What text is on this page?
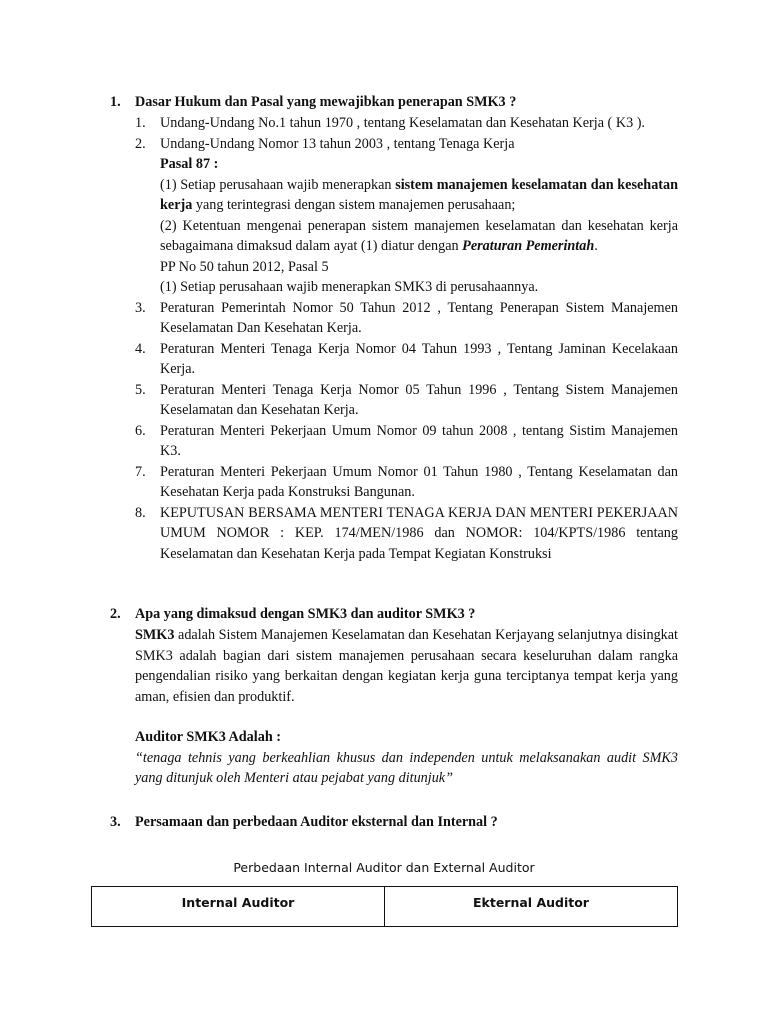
1.	Dasar Hukum dan Pasal yang mewajibkan penerapan SMK3 ?
1.	Undang-Undang No.1 tahun 1970 , tentang Keselamatan dan Kesehatan Kerja ( K3 ).
2.	Undang-Undang Nomor 13 tahun 2003 , tentang Tenaga Kerja
Pasal 87 :
(1) Setiap perusahaan wajib menerapkan sistem manajemen keselamatan dan kesehatan kerja yang terintegrasi dengan sistem manajemen perusahaan;
(2) Ketentuan mengenai penerapan sistem manajemen keselamatan dan kesehatan kerja sebagaimana dimaksud dalam ayat (1) diatur dengan Peraturan Pemerintah.
PP No 50 tahun 2012, Pasal 5
(1) Setiap perusahaan wajib menerapkan SMK3 di perusahaannya.
3.	Peraturan Pemerintah Nomor 50 Tahun 2012 , Tentang Penerapan Sistem Manajemen Keselamatan Dan Kesehatan Kerja.
4.	Peraturan Menteri Tenaga Kerja Nomor 04 Tahun 1993 , Tentang Jaminan Kecelakaan Kerja.
5.	Peraturan Menteri Tenaga Kerja Nomor 05 Tahun 1996 , Tentang Sistem Manajemen Keselamatan dan Kesehatan Kerja.
6.	Peraturan Menteri Pekerjaan Umum Nomor 09 tahun 2008 , tentang Sistim Manajemen K3.
7.	Peraturan Menteri Pekerjaan Umum Nomor 01 Tahun 1980 , Tentang Keselamatan dan Kesehatan Kerja pada Konstruksi Bangunan.
8.	KEPUTUSAN BERSAMA MENTERI TENAGA KERJA DAN MENTERI PEKERJAAN UMUM NOMOR : KEP. 174/MEN/1986 dan NOMOR: 104/KPTS/1986 tentang Keselamatan dan Kesehatan Kerja pada Tempat Kegiatan Konstruksi
2.	Apa yang dimaksud dengan SMK3 dan auditor SMK3 ?
SMK3 adalah Sistem Manajemen Keselamatan dan Kesehatan Kerjayang selanjutnya disingkat SMK3 adalah bagian dari sistem manajemen perusahaan secara keseluruhan dalam rangka pengendalian risiko yang berkaitan dengan kegiatan kerja guna terciptanya tempat kerja yang aman, efisien dan produktif.
Auditor SMK3 Adalah :
“tenaga tehnis yang berkeahlian khusus dan independen untuk melaksanakan audit SMK3 yang ditunjuk oleh Menteri atau pejabat yang ditunjuk”
3.	Persamaan dan perbedaan Auditor eksternal dan Internal ?
Perbedaan Internal Auditor dan External Auditor
Internal Auditor	Ekternal Auditor
